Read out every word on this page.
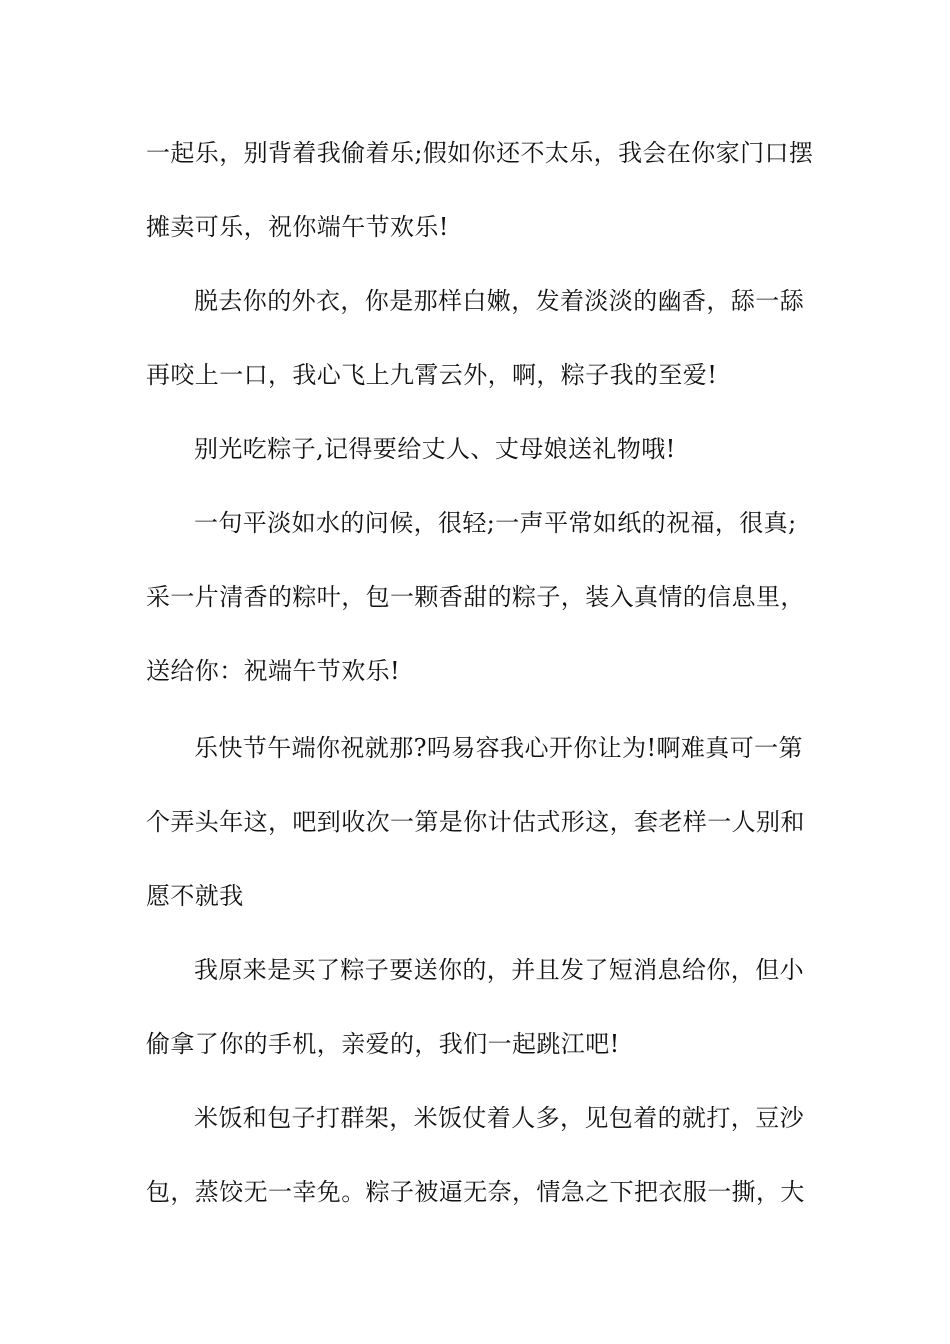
一起乐，别背着我偷着乐;假如你还不太乐，我会在你家门口摆
摊卖可乐，祝你端午节欢乐!
脱去你的外衣，你是那样白嫩，发着淡淡的幽香，舔一舔
再咬上一口，我心飞上九霄云外，啊，粽子我的至爱!
别光吃粽子,记得要给丈人、丈母娘送礼物哦!
一句平淡如水的问候，很轻;一声平常如纸的祝福，很真;
采一片清香的粽叶，包一颗香甜的粽子，装入真情的信息里，
送给你：祝端午节欢乐!
乐快节午端你祝就那?吗易容我心开你让为!啊难真可一第
个弄头年这，吧到收次一第是你计估式形这，套老样一人别和
愿不就我
我原来是买了粽子要送你的，并且发了短消息给你，但小
偷拿了你的手机，亲爱的，我们一起跳江吧!
米饭和包子打群架，米饭仗着人多，见包着的就打，豆沙
包，蒸饺无一幸免。粽子被逼无奈，情急之下把衣服一撕，大
